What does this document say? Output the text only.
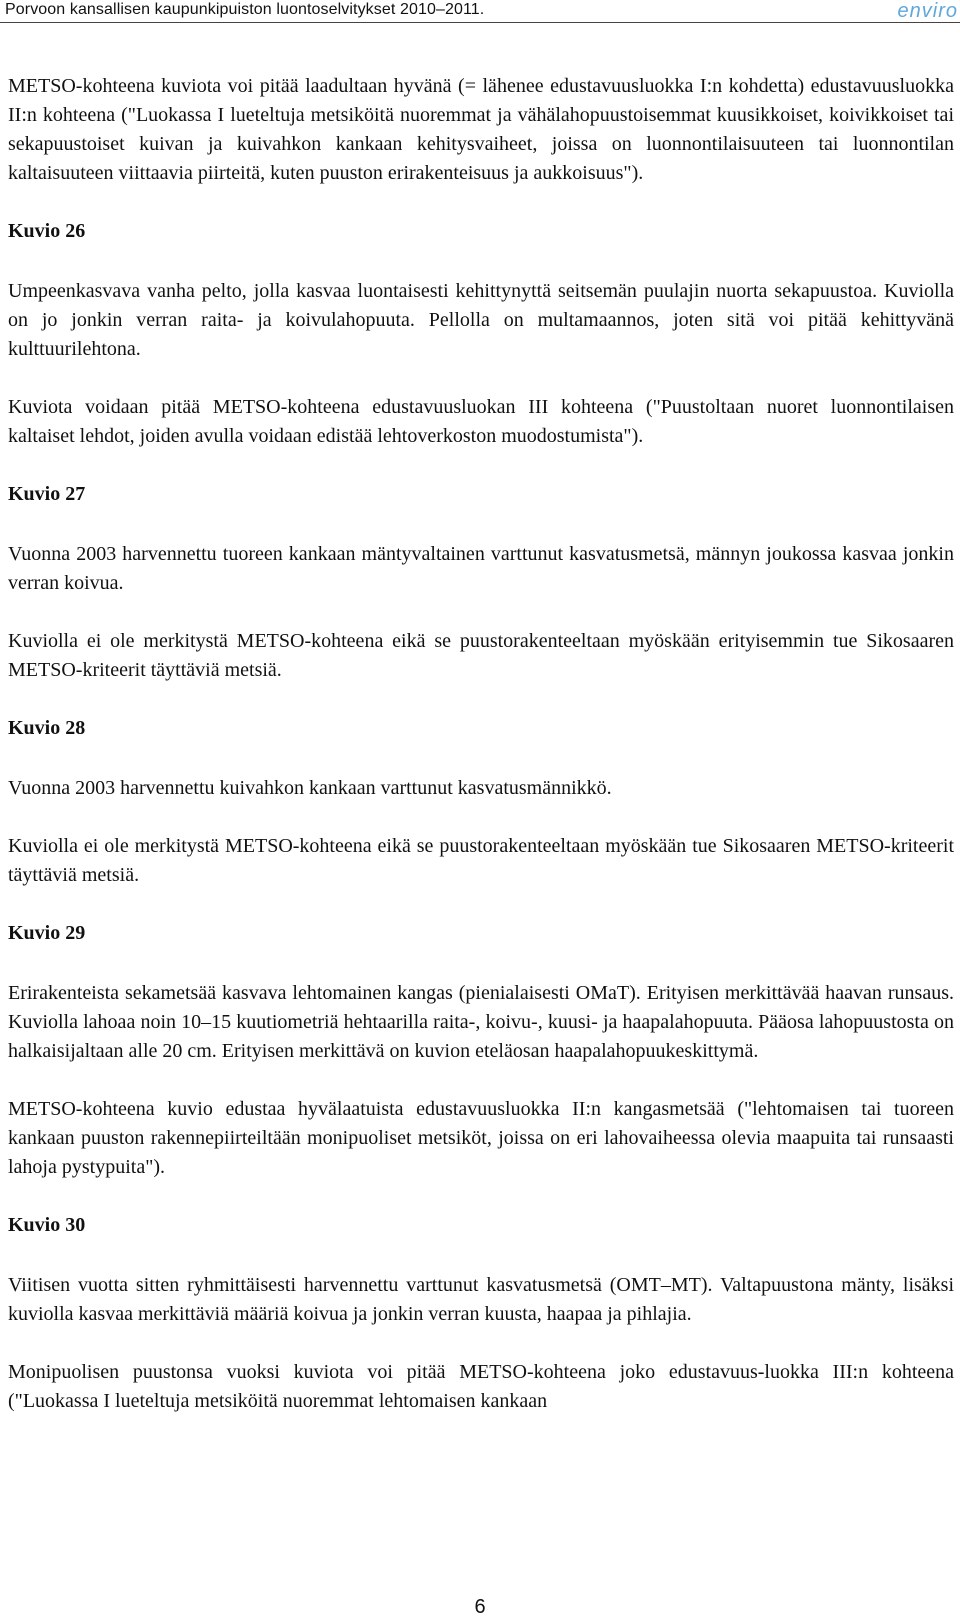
Porvoon kansallisen kaupunkipuiston luontoselvitykset 2010–2011.	enviro

METSO-kohteena kuviota voi pitää laadultaan hyvänä (= lähenee edustavuusluokka I:n kohdetta) edustavuusluokka II:n kohteena ("Luokassa I lueteltuja metsiköitä nuoremmat ja vähälahopuustoisemmat kuusikkoiset, koivikkoiset tai sekapuustoiset kuivan ja kuivahkon kankaan kehitysvaiheet, joissa on luonnontilaisuuteen tai luonnontilan kaltaisuuteen viittaavia piirteitä, kuten puuston erirakenteisuus ja aukkoisuus").

Kuvio 26

Umpeenkasvava vanha pelto, jolla kasvaa luontaisesti kehittynyttä seitsemän puulajin nuorta sekapuustoa. Kuviolla on jo jonkin verran raita- ja koivulahopuuta. Pellolla on multamaannos, joten sitä voi pitää kehittyvänä kulttuurilehtona.

Kuviota voidaan pitää METSO-kohteena edustavuusluokan III kohteena ("Puustoltaan nuoret luonnontilaisen kaltaiset lehdot, joiden avulla voidaan edistää lehtoverkoston muodostumista").

Kuvio 27

Vuonna 2003 harvennettu tuoreen kankaan mäntyvaltainen varttunut kasvatusmetsä, männyn joukossa kasvaa jonkin verran koivua.

Kuviolla ei ole merkitystä METSO-kohteena eikä se puustorakenteeltaan myöskään erityisemmin tue Sikosaaren METSO-kriteerit täyttäviä metsiä.

Kuvio 28

Vuonna 2003 harvennettu kuivahkon kankaan varttunut kasvatusmännikkö.

Kuviolla ei ole merkitystä METSO-kohteena eikä se puustorakenteeltaan myöskään tue Sikosaaren METSO-kriteerit täyttäviä metsiä.

Kuvio 29

Erirakenteista sekametsää kasvava lehtomainen kangas (pienialaisesti OMaT). Erityisen merkittävää haavan runsaus. Kuviolla lahoaa noin 10–15 kuutiometriä hehtaarilla raita-, koivu-, kuusi- ja haapalahopuuta. Pääosa lahopuustosta on halkaisijaltaan alle 20 cm. Erityisen merkittävä on kuvion eteläosan haapalahopuukeskittymä.

METSO-kohteena kuvio edustaa hyvälaatuista edustavuusluokka II:n kangasmetsää ("lehtomaisen tai tuoreen kankaan puuston rakennepiirteiltään monipuoliset metsiköt, joissa on eri lahovaiheessa olevia maapuita tai runsaasti lahoja pystypuita").

Kuvio 30

Viitisen vuotta sitten ryhmittäisesti harvennettu varttunut kasvatusmetsä (OMT–MT). Valtapuustona mänty, lisäksi kuviolla kasvaa merkittäviä määriä koivua ja jonkin verran kuusta, haapaa ja pihlajia.

Monipuolisen puustonsa vuoksi kuviota voi pitää METSO-kohteena joko edustavuus-luokka III:n kohteena ("Luokassa I lueteltuja metsiköitä nuoremmat lehtomaisen kankaan

6
